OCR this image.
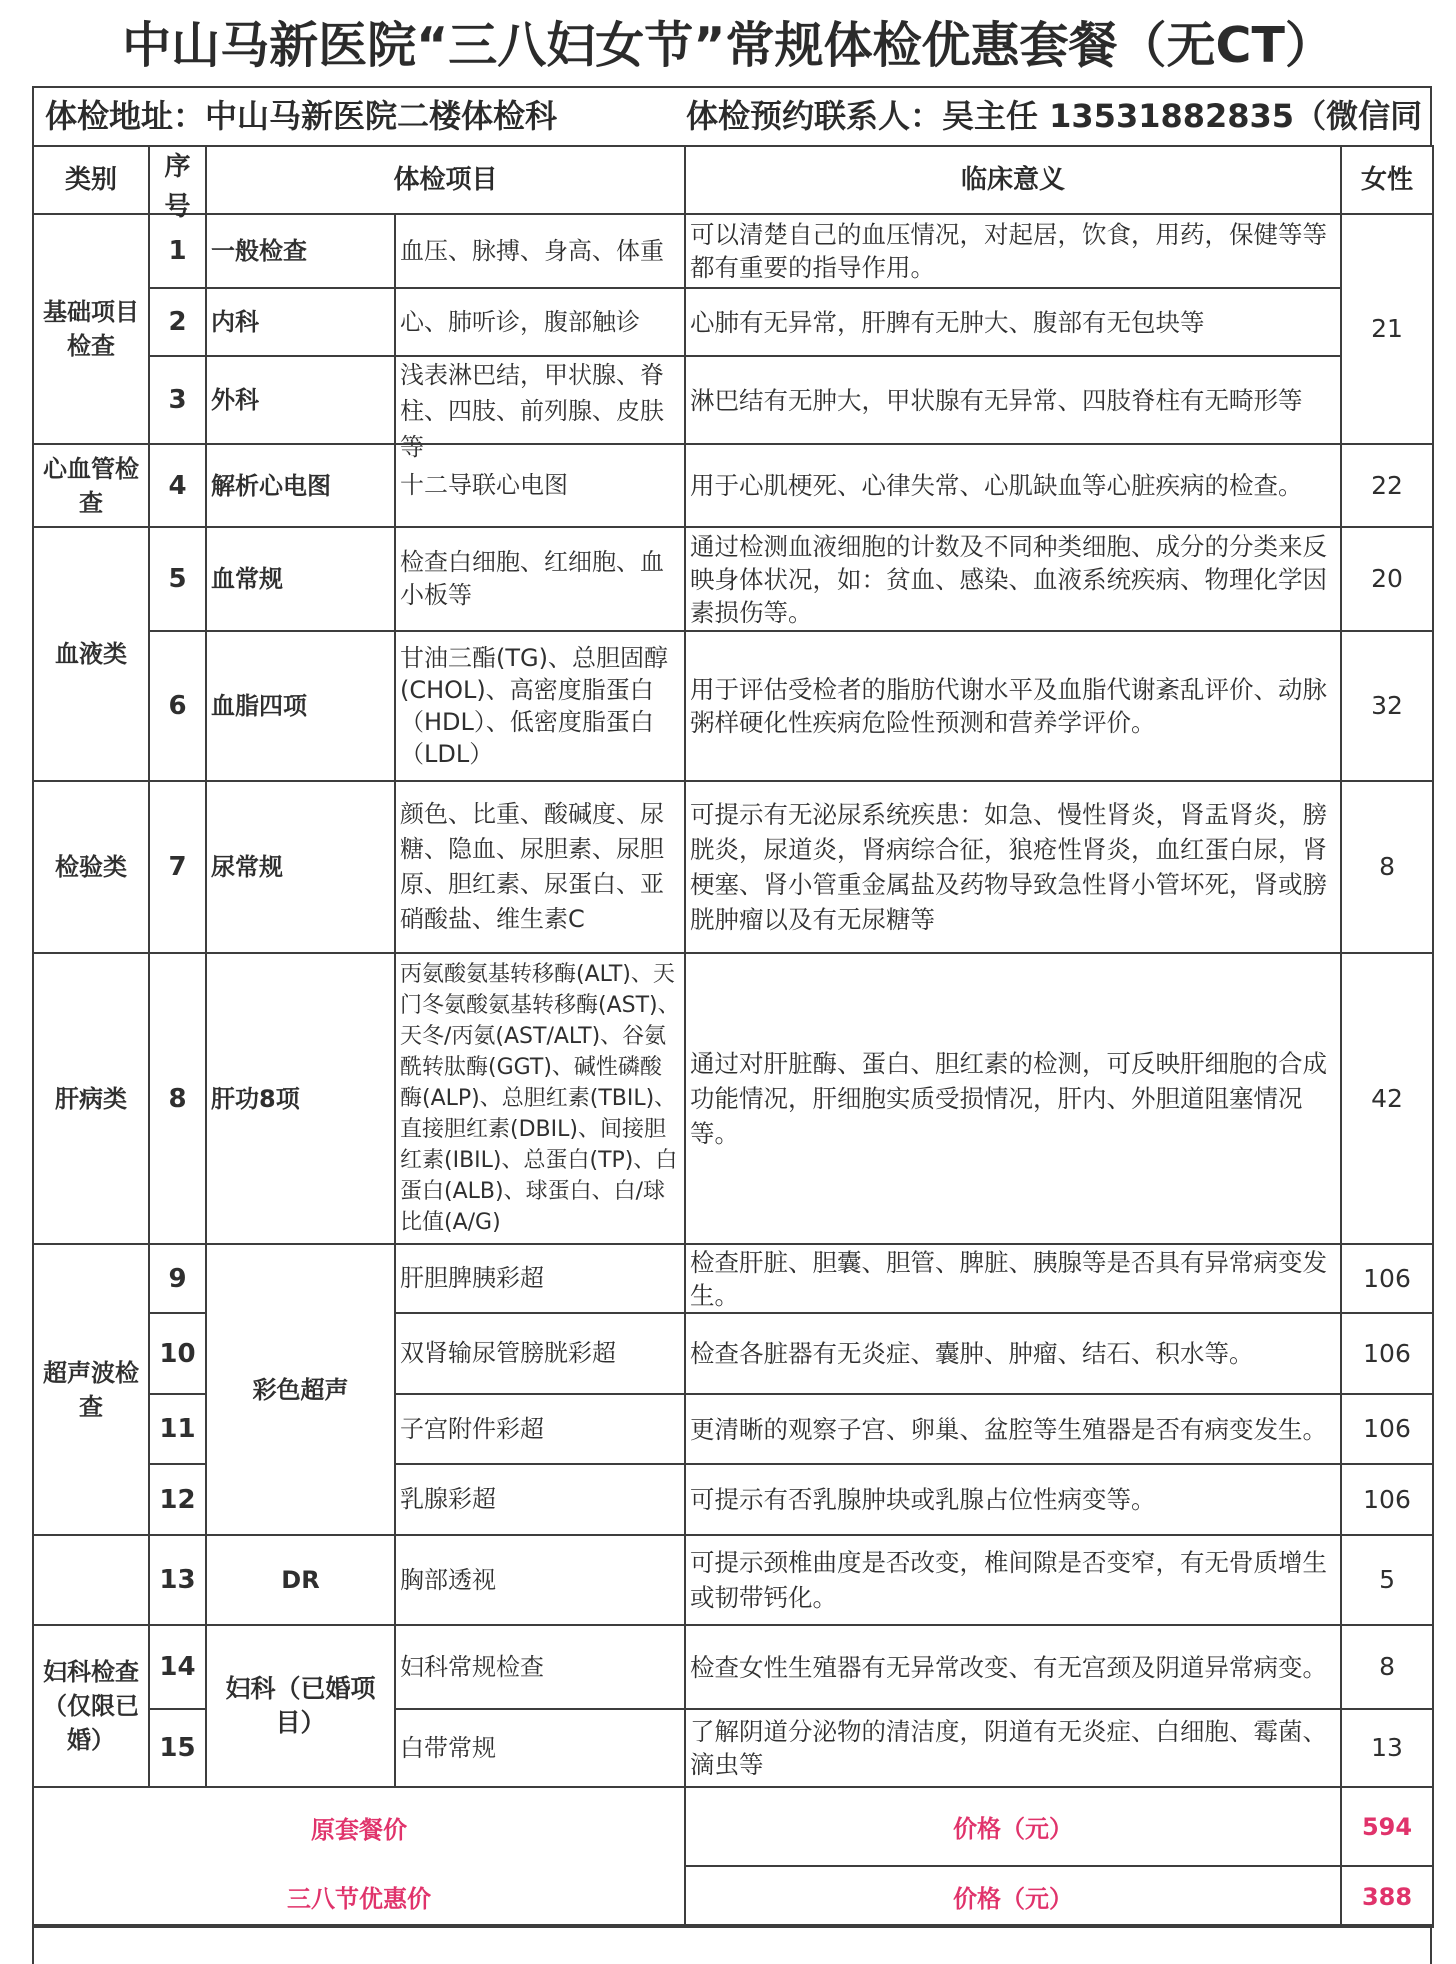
中山马新医院“三八妇女节”常规体检优惠套餐（无CT）
体检地址：中山马新医院二楼体检科	体检预约联系人：吴主任 13531882835（微信同
类别	序号	体检项目		临床意义	女性

基础项目检查	1	一般检查	血压、脉搏、身高、体重	可以清楚自己的血压情况，对起居，饮食，用药，保健等等都有重要的指导作用。	21

	2	内科	心、肺听诊，腹部触诊	心肺有无异常，肝脾有无肿大、腹部有无包块等	

	3	外科	浅表淋巴结，甲状腺、脊柱、四肢、前列腺、皮肤等	淋巴结有无肿大，甲状腺有无异常、四肢脊柱有无畸形等	

心血管检查	4	解析心电图	十二导联心电图	用于心肌梗死、心律失常、心肌缺血等心脏疾病的检查。	22

血液类	5	血常规	检查白细胞、红细胞、血小板等	通过检测血液细胞的计数及不同种类细胞、成分的分类来反映身体状况，如：贫血、感染、血液系统疾病、物理化学因素损伤等。	20

	6	血脂四项	甘油三酯(TG)、总胆固醇(CHOL)、高密度脂蛋白（HDL）、低密度脂蛋白（LDL）	用于评估受检者的脂肪代谢水平及血脂代谢紊乱评价、动脉粥样硬化性疾病危险性预测和营养学评价。	32

检验类	7	尿常规	颜色、比重、酸碱度、尿糖、隐血、尿胆素、尿胆原、胆红素、尿蛋白、亚硝酸盐、维生素C	可提示有无泌尿系统疾患：如急、慢性肾炎，肾盂肾炎，膀胱炎，尿道炎，肾病综合征，狼疮性肾炎，血红蛋白尿，肾梗塞、肾小管重金属盐及药物导致急性肾小管坏死，肾或膀胱肿瘤以及有无尿糖等	8

肝病类	8	肝功8项	丙氨酸氨基转移酶(ALT)、天门冬氨酸氨基转移酶(AST)、天冬/丙氨(AST/ALT)、谷氨酰转肽酶(GGT)、碱性磷酸酶(ALP)、总胆红素(TBIL)、直接胆红素(DBIL)、间接胆红素(IBIL)、总蛋白(TP)、白蛋白(ALB)、球蛋白、白/球比值(A/G)	通过对肝脏酶、蛋白、胆红素的检测，可反映肝细胞的合成功能情况，肝细胞实质受损情况，肝内、外胆道阻塞情况等。	42

超声波检查	9	彩色超声	肝胆脾胰彩超	检查肝脏、胆囊、胆管、脾脏、胰腺等是否具有异常病变发生。	106

	10		双肾输尿管膀胱彩超	检查各脏器有无炎症、囊肿、肿瘤、结石、积水等。	106

	11		子宫附件彩超	更清晰的观察子宫、卵巢、盆腔等生殖器是否有病变发生。	106

	12		乳腺彩超	可提示有否乳腺肿块或乳腺占位性病变等。	106

	13	DR	胸部透视	可提示颈椎曲度是否改变，椎间隙是否变窄，有无骨质增生或韧带钙化。	5

妇科检查（仅限已婚）	14	妇科（已婚项目）	妇科常规检查	检查女性生殖器有无异常改变、有无宫颈及阴道异常病变。	8

	15		白带常规	了解阴道分泌物的清洁度，阴道有无炎症、白细胞、霉菌、滴虫等	13

原套餐价				价格（元）	594
三八节优惠价				价格（元）	388
